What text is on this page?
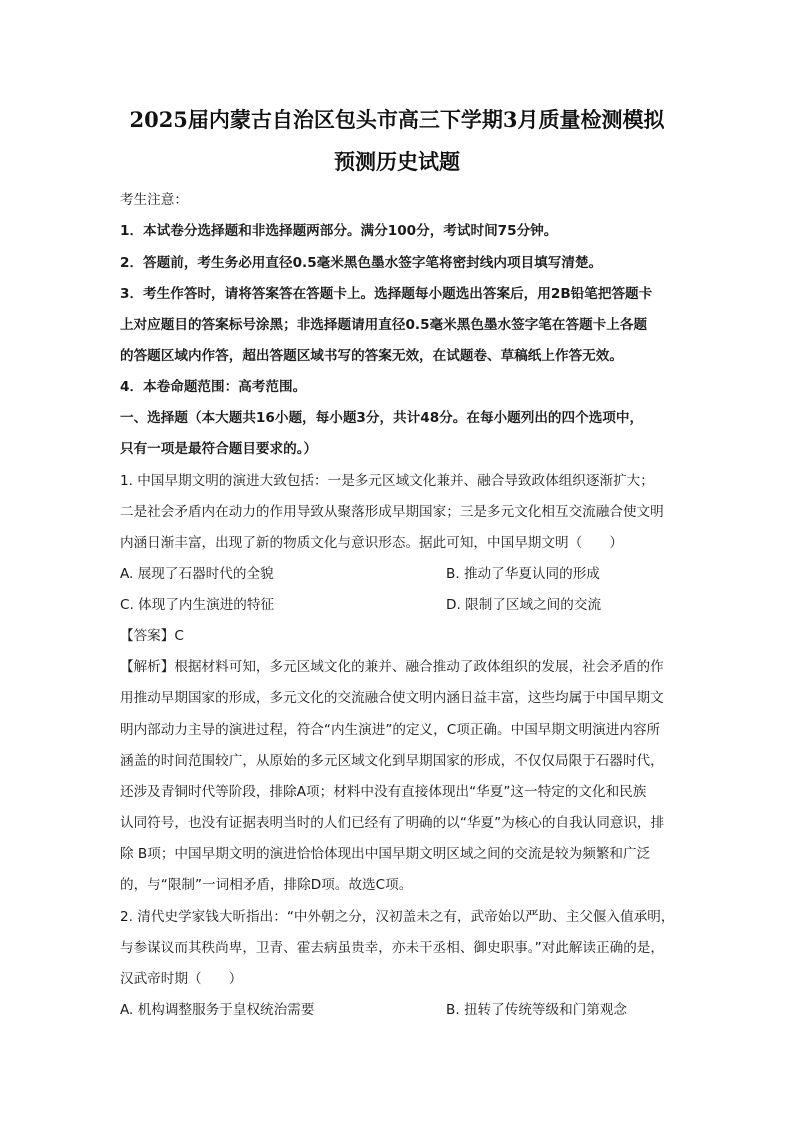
2025届内蒙古自治区包头市高三下学期3月质量检测模拟
预测历史试题
考生注意：
1．本试卷分选择题和非选择题两部分。满分100分，考试时间75分钟。
2．答题前，考生务必用直径0.5毫米黑色墨水签字笔将密封线内项目填写清楚。
3．考生作答时，请将答案答在答题卡上。选择题每小题选出答案后，用2B铅笔把答题卡
上对应题目的答案标号涂黑；非选择题请用直径0.5毫米黑色墨水签字笔在答题卡上各题
的答题区域内作答，超出答题区域书写的答案无效，在试题卷、草稿纸上作答无效。
4．本卷命题范围：高考范围。
一、选择题（本大题共16小题，每小题3分，共计48分。在每小题列出的四个选项中，
只有一项是最符合题目要求的。）
1. 中国早期文明的演进大致包括：一是多元区域文化兼并、融合导致政体组织逐渐扩大；
二是社会矛盾内在动力的作用导致从聚落形成早期国家；三是多元文化相互交流融合使文明
内涵日渐丰富，出现了新的物质文化与意识形态。据此可知，中国早期文明（　　）
A. 展现了石器时代的全貌	B. 推动了华夏认同的形成
C. 体现了内生演进的特征	D. 限制了区域之间的交流
【答案】C
【解析】根据材料可知，多元区域文化的兼并、融合推动了政体组织的发展，社会矛盾的作
用推动早期国家的形成，多元文化的交流融合使文明内涵日益丰富，这些均属于中国早期文
明内部动力主导的演进过程，符合“内生演进”的定义，C项正确。中国早期文明演进内容所
涵盖的时间范围较广，从原始的多元区域文化到早期国家的形成，不仅仅局限于石器时代，
还涉及青铜时代等阶段，排除A项；材料中没有直接体现出“华夏”这一特定的文化和民族
认同符号，也没有证据表明当时的人们已经有了明确的以“华夏”为核心的自我认同意识，排
除 B项；中国早期文明的演进恰恰体现出中国早期文明区域之间的交流是较为频繁和广泛
的，与“限制”一词相矛盾，排除D项。故选C项。
2. 清代史学家钱大昕指出：“中外朝之分，汉初盖未之有，武帝始以严助、主父偃入值承明，
与参谋议而其秩尚卑，卫青、霍去病虽贵幸，亦未干丞相、御史职事。”对此解读正确的是，
汉武帝时期（　　）
A. 机构调整服务于皇权统治需要	B. 扭转了传统等级和门第观念
